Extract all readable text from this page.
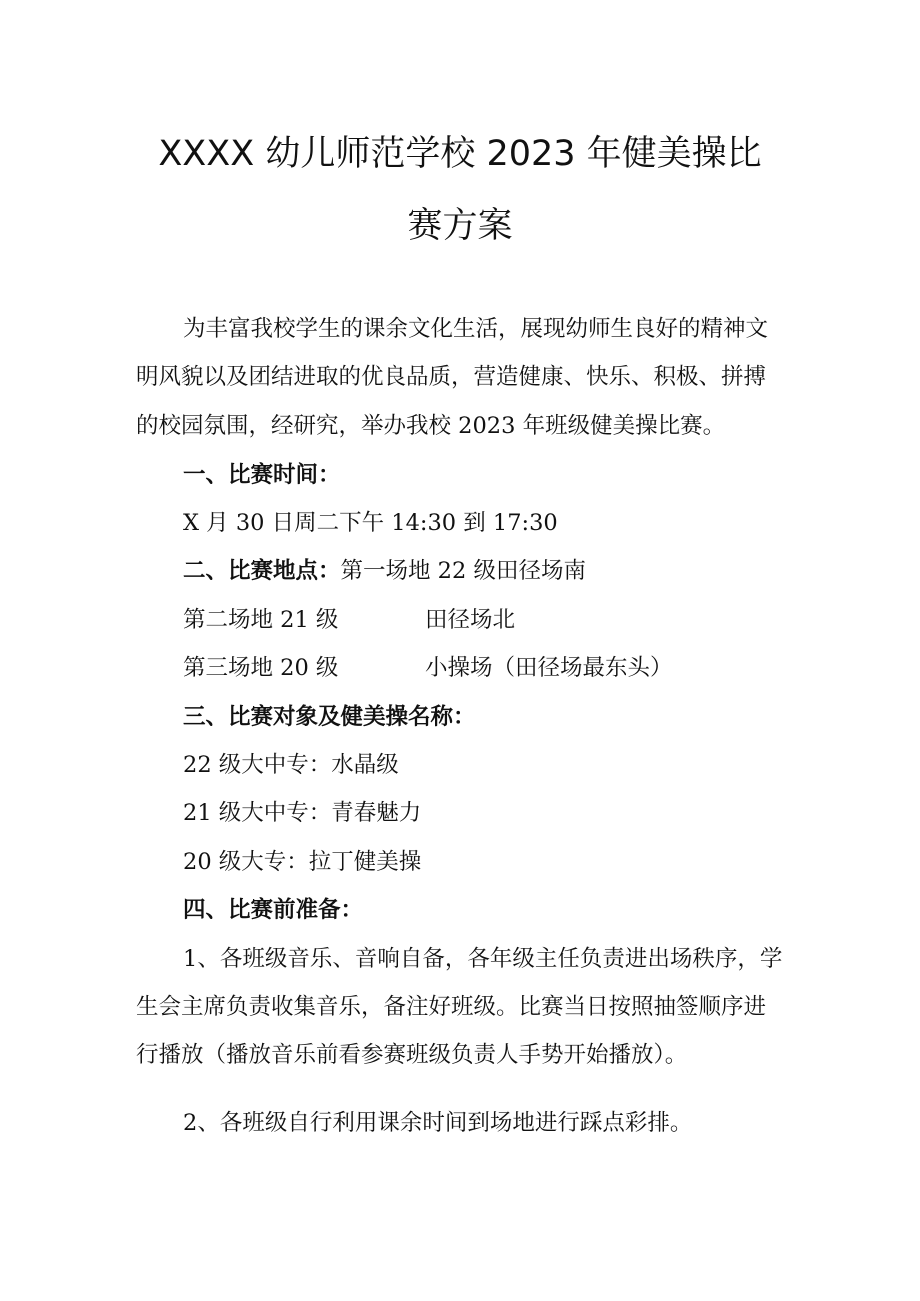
XXXX 幼儿师范学校 2023 年健美操比
赛方案

为丰富我校学生的课余文化生活，展现幼师生良好的精神文

明风貌以及团结进取的优良品质，营造健康、快乐、积极、拼搏

的校园氛围，经研究，举办我校 2023 年班级健美操比赛。

一、比赛时间：

X 月 30 日周二下午 14:30 到 17:30

二、比赛地点：第一场地 22 级田径场南

第二场地 21 级	田径场北
第三场地 20 级	小操场（田径场最东头）

三、比赛对象及健美操名称：

22 级大中专：水晶级

21 级大中专：青春魅力

20 级大专：拉丁健美操

四、比赛前准备：

1、各班级音乐、音响自备，各年级主任负责进出场秩序，学

生会主席负责收集音乐，备注好班级。比赛当日按照抽签顺序进

行播放（播放音乐前看参赛班级负责人手势开始播放）。

2、各班级自行利用课余时间到场地进行踩点彩排。
